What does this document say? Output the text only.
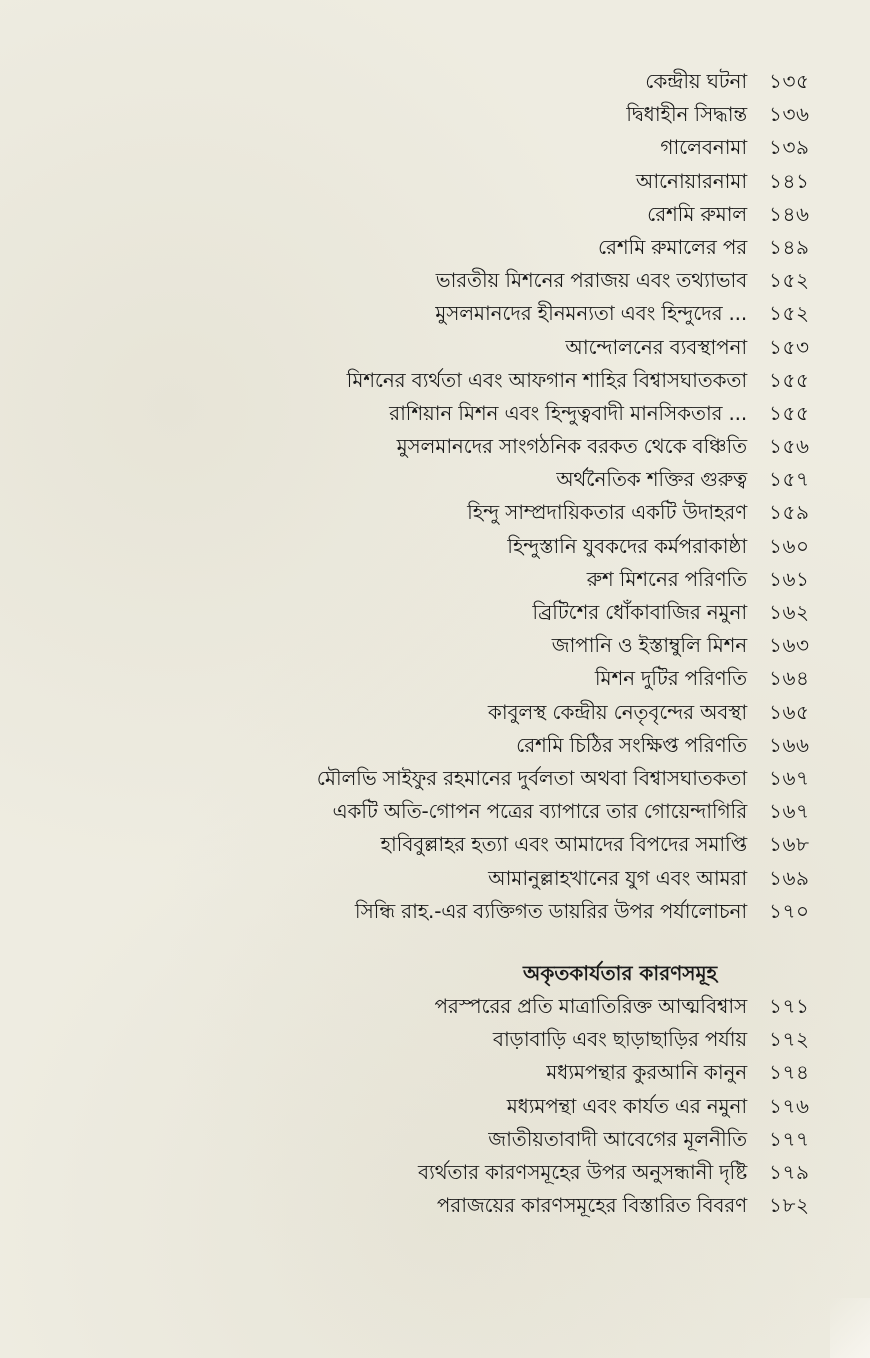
কেন্দ্রীয় ঘটনা ১৩৫
দ্বিধাহীন সিদ্ধান্ত ১৩৬
গালেবনামা ১৩৯
আনোয়ারনামা ১৪১
রেশমি রুমাল ১৪৬
রেশমি রুমালের পর ১৪৯
ভারতীয় মিশনের পরাজয় এবং তথ্যাভাব ১৫২
মুসলমানদের হীনমন্যতা এবং হিন্দুদের ... ১৫২
আন্দোলনের ব্যবস্থাপনা ১৫৩
মিশনের ব্যর্থতা এবং আফগান শাহির বিশ্বাসঘাতকতা ১৫৫
রাশিয়ান মিশন এবং হিন্দুত্ববাদী মানসিকতার ... ১৫৫
মুসলমানদের সাংগঠনিক বরকত থেকে বঞ্চিতি ১৫৬
অর্থনৈতিক শক্তির গুরুত্ব ১৫৭
হিন্দু সাম্প্রদায়িকতার একটি উদাহরণ ১৫৯
হিন্দুস্তানি যুবকদের কর্মপরাকাষ্ঠা ১৬০
রুশ মিশনের পরিণতি ১৬১
ব্রিটিশের ধোঁকাবাজির নমুনা ১৬২
জাপানি ও ইস্তাম্বুলি মিশন ১৬৩
মিশন দুটির পরিণতি ১৬৪
কাবুলস্থ কেন্দ্রীয় নেতৃবৃন্দের অবস্থা ১৬৫
রেশমি চিঠির সংক্ষিপ্ত পরিণতি ১৬৬
মৌলভি সাইফুর রহমানের দুর্বলতা অথবা বিশ্বাসঘাতকতা ১৬৭
একটি অতি-গোপন পত্রের ব্যাপারে তার গোয়েন্দাগিরি ১৬৭
হাবিবুল্লাহর হত্যা এবং আমাদের বিপদের সমাপ্তি ১৬৮
আমানুল্লাহখানের যুগ এবং আমরা ১৬৯
সিন্ধি রাহ.-এর ব্যক্তিগত ডায়রির উপর পর্যালোচনা ১৭০
অকৃতকার্যতার কারণসমূহ
পরস্পরের প্রতি মাত্রাতিরিক্ত আত্মবিশ্বাস ১৭১
বাড়াবাড়ি এবং ছাড়াছাড়ির পর্যায় ১৭২
মধ্যমপন্থার কুরআনি কানুন ১৭৪
মধ্যমপন্থা এবং কার্যত এর নমুনা ১৭৬
জাতীয়তাবাদী আবেগের মূলনীতি ১৭৭
ব্যর্থতার কারণসমূহের উপর অনুসন্ধানী দৃষ্টি ১৭৯
পরাজয়ের কারণসমূহের বিস্তারিত বিবরণ ১৮২
